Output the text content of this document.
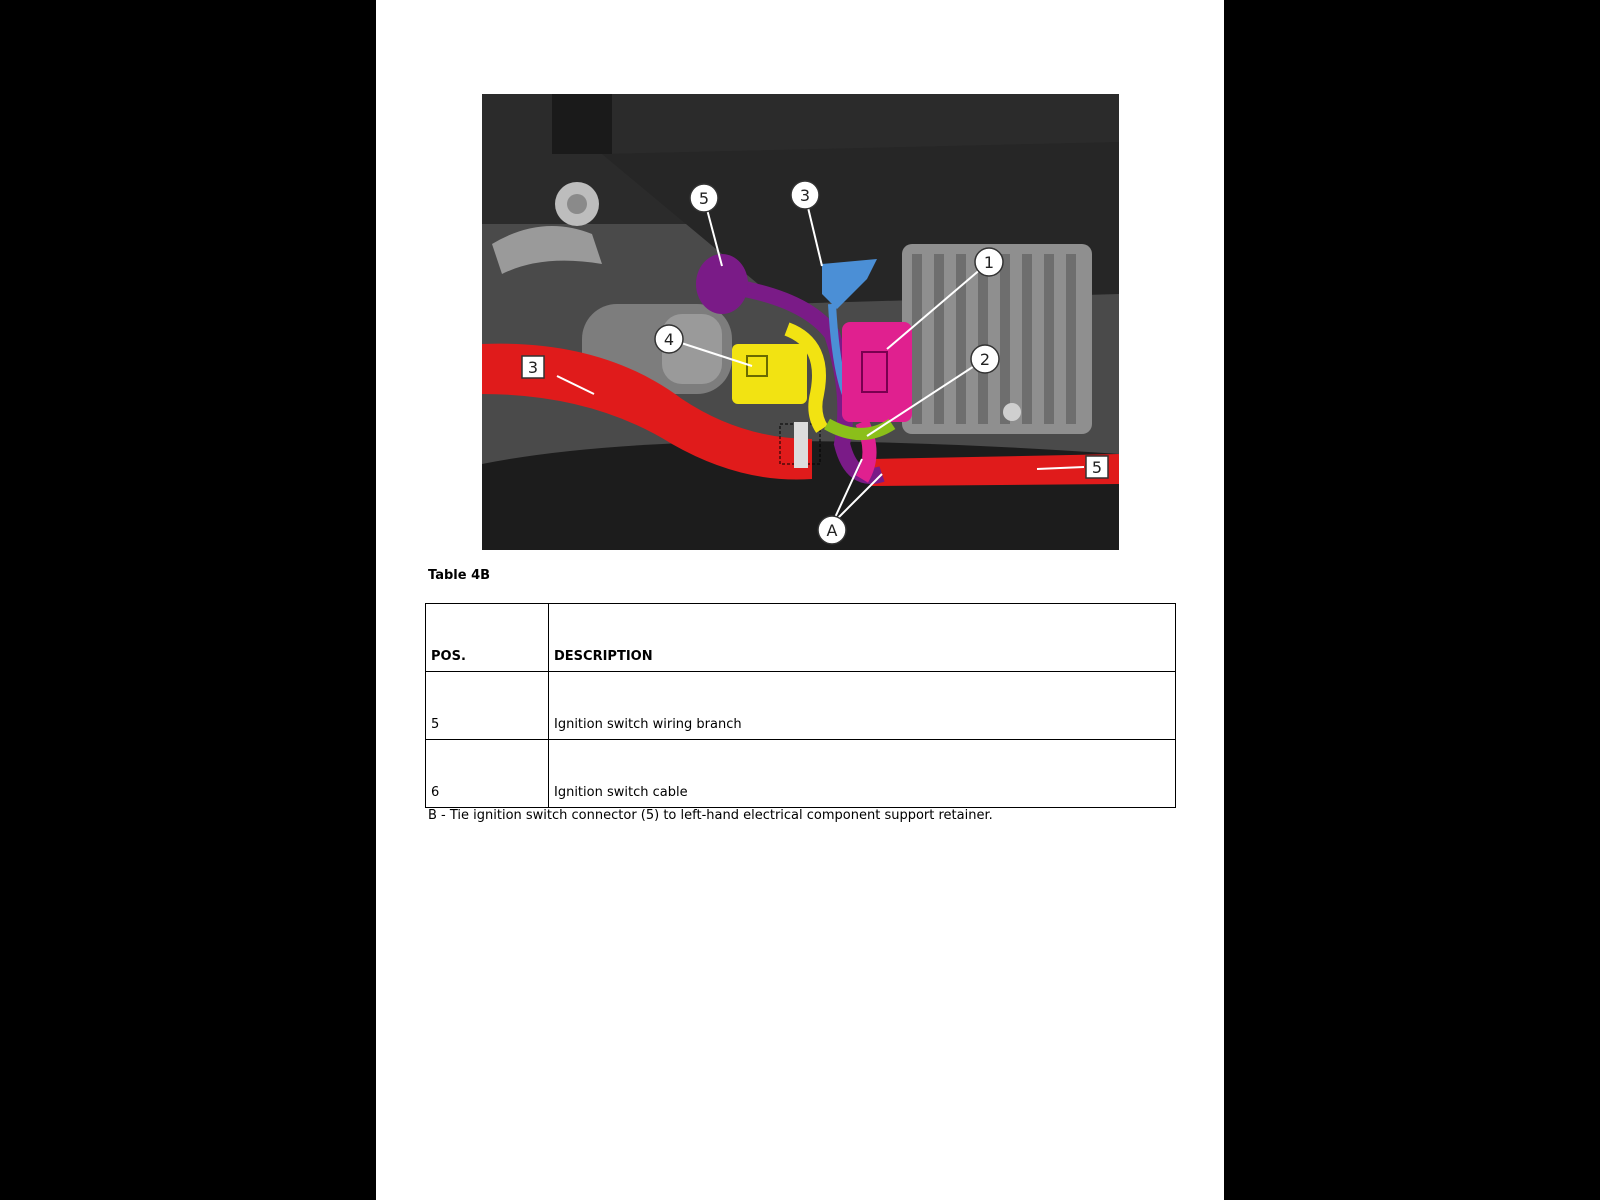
5	3
1
4
2
A
3
5
Table 4B
POS.	DESCRIPTION
5	Ignition switch wiring branch
6	Ignition switch cable
B - Tie ignition switch connector (5) to left-hand electrical component support retainer.
